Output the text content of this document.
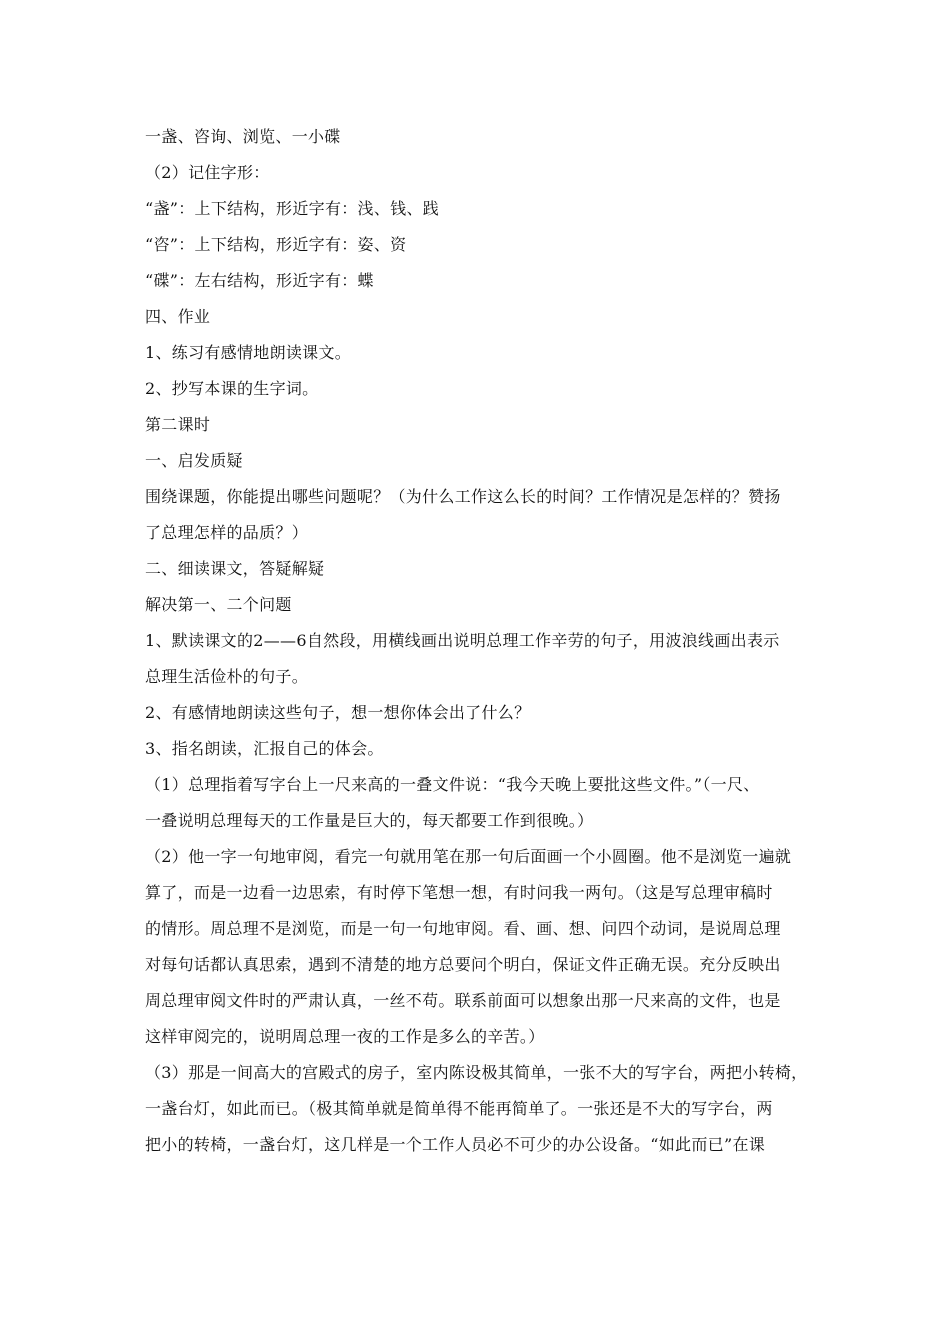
一盏、咨询、浏览、一小碟
（2）记住字形：
“盏”：上下结构，形近字有：浅、钱、践
“咨”：上下结构，形近字有：姿、资
“碟”：左右结构，形近字有：蝶
四、作业
1、练习有感情地朗读课文。
2、抄写本课的生字词。
第二课时
一、启发质疑
围绕课题，你能提出哪些问题呢？（为什么工作这么长的时间？工作情况是怎样的？赞扬
了总理怎样的品质？）
二、细读课文，答疑解疑
解决第一、二个问题
1、默读课文的2——6自然段，用横线画出说明总理工作辛劳的句子，用波浪线画出表示
总理生活俭朴的句子。
2、有感情地朗读这些句子，想一想你体会出了什么？
3、指名朗读，汇报自己的体会。
（1）总理指着写字台上一尺来高的一叠文件说：“我今天晚上要批这些文件。”（一尺、
一叠说明总理每天的工作量是巨大的，每天都要工作到很晚。）
（2）他一字一句地审阅，看完一句就用笔在那一句后面画一个小圆圈。他不是浏览一遍就
算了，而是一边看一边思索，有时停下笔想一想，有时问我一两句。（这是写总理审稿时
的情形。周总理不是浏览，而是一句一句地审阅。看、画、想、问四个动词，是说周总理
对每句话都认真思索，遇到不清楚的地方总要问个明白，保证文件正确无误。充分反映出
周总理审阅文件时的严肃认真，一丝不苟。联系前面可以想象出那一尺来高的文件，也是
这样审阅完的，说明周总理一夜的工作是多么的辛苦。）
（3）那是一间高大的宫殿式的房子，室内陈设极其简单，一张不大的写字台，两把小转椅，
一盏台灯，如此而已。（极其简单就是简单得不能再简单了。一张还是不大的写字台，两
把小的转椅，一盏台灯，这几样是一个工作人员必不可少的办公设备。“如此而已”在课
